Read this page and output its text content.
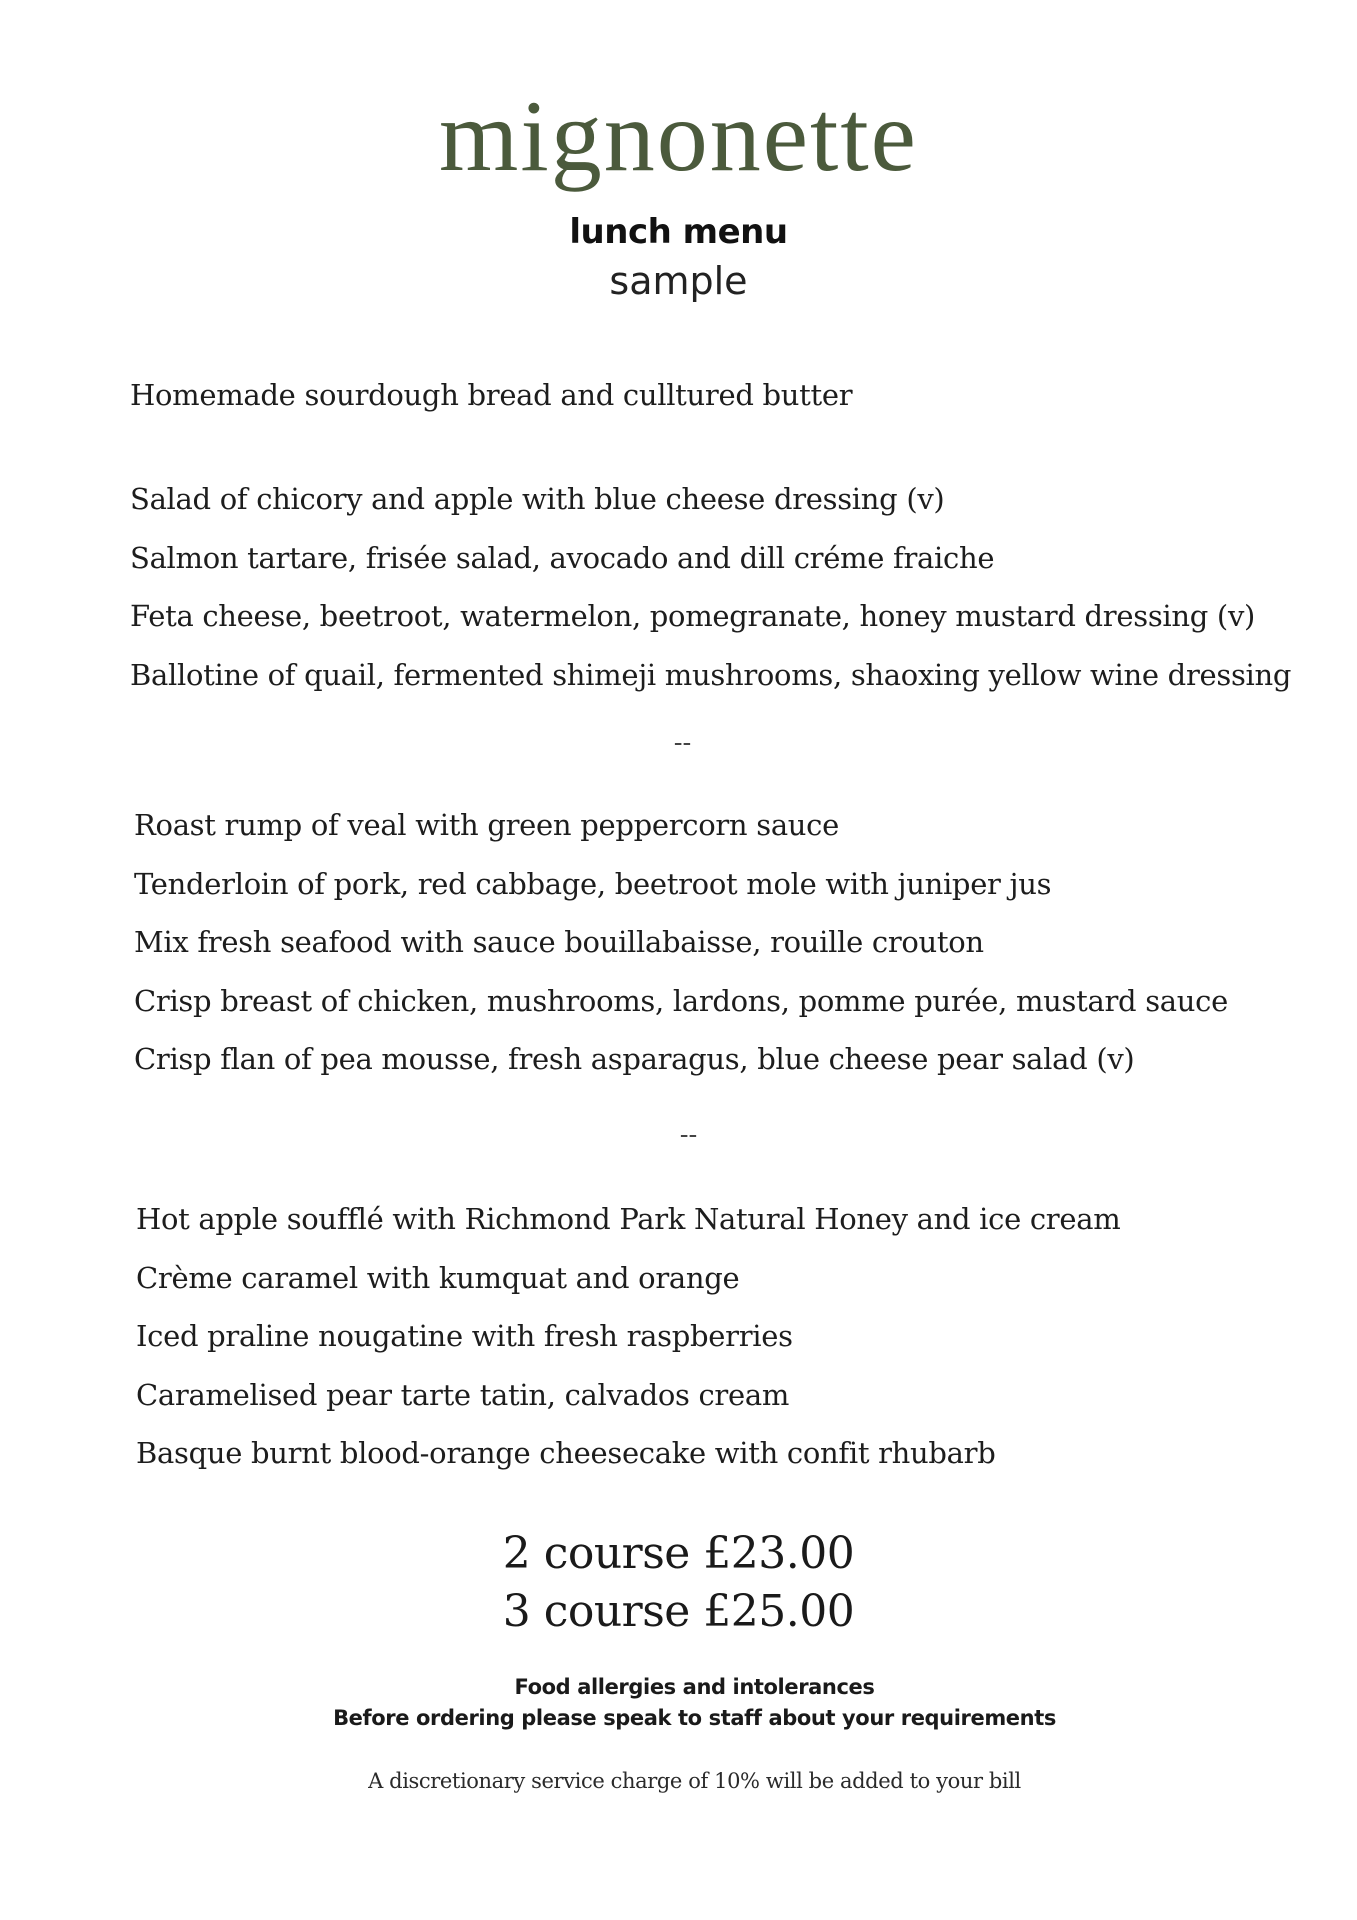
mignonette
lunch menu
sample
Homemade sourdough bread and culltured butter
Salad of chicory and apple with blue cheese dressing (v)
Salmon tartare, frisée salad, avocado and dill créme fraiche
Feta cheese, beetroot, watermelon, pomegranate, honey mustard dressing (v)
Ballotine of quail, fermented shimeji mushrooms, shaoxing yellow wine dressing
--
Roast rump of veal with green peppercorn sauce
Tenderloin of pork, red cabbage, beetroot mole with juniper jus
Mix fresh seafood with sauce bouillabaisse, rouille crouton
Crisp breast of chicken, mushrooms, lardons, pomme purée, mustard sauce
Crisp flan of pea mousse, fresh asparagus, blue cheese pear salad (v)
--
Hot apple soufflé with Richmond Park Natural Honey and ice cream
Crème caramel with kumquat and orange
Iced praline nougatine with fresh raspberries
Caramelised pear tarte tatin, calvados cream
Basque burnt blood-orange cheesecake with confit rhubarb
2 course £23.00
3 course £25.00
Food allergies and intolerances
Before ordering please speak to staff about your requirements
A discretionary service charge of 10% will be added to your bill
